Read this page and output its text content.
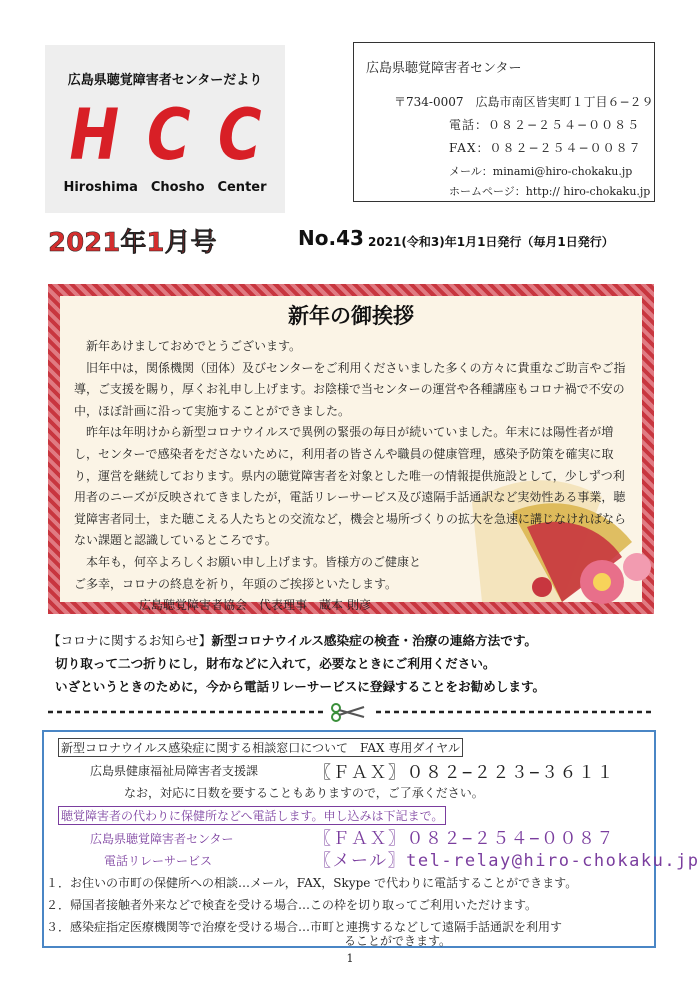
広島県聴覚障害者センターだより
H C C
Hiroshima Chosho Center
広島県聴覚障害者センター
〒734-0007　広島市南区皆実町１丁目６−２９
電話：０８２−２５４−００８５
FAX：０８２−２５４−００８７
メール：minami@hiro-chokaku.jp
ホームページ：http:// hiro-chokaku.jp
2021年1月号	No.43 2021(令和3)年1月1日発行（毎月1日発行）
新年の御挨拶

　新年あけましておめでとうございます。

　旧年中は，関係機関（団体）及びセンターをご利用くださいました多くの方々に貴重なご助言やご指導，ご支援を賜り，厚くお礼申し上げます。お陰様で当センターの運営や各種講座もコロナ禍で不安の中，ほぼ計画に沿って実施することができました。

　昨年は年明けから新型コロナウイルスで異例の緊張の毎日が続いていました。年末には陽性者が増し，センターで感染者をださないために，利用者の皆さんや職員の健康管理，感染予防策を確実に取り，運営を継続しております。県内の聴覚障害者を対象とした唯一の情報提供施設として，少しずつ利用者のニーズが反映されてきましたが，電話リレーサービス及び遠隔手話通訳など実効性ある事業，聴覚障害者同士，また聴こえる人たちとの交流など，機会と場所づくりの拡大を急速に講じなければならない課題と認識しているところです。

　本年も，何卒よろしくお願い申し上げます。皆様方のご健康と

ご多幸，コロナの終息を祈り，年頭のご挨拶といたします。

広島聴覚障害者協会　代表理事　蔵本 則彦

【コロナに関するお知らせ】新型コロナウイルス感染症の検査・治療の連絡方法です。
切り取って二つ折りにし，財布などに入れて，必要なときにご利用ください。
いざというときのために，今から電話リレーサービスに登録することをお勧めします。
新型コロナウイルス感染症に関する相談窓口について　FAX 専用ダイヤル
広島県健康福祉局障害者支援課	〖ＦＡＸ〗０８２−２２３−３６１１
なお，対応に日数を要することもありますので，ご了承ください。
聴覚障害者の代わりに保健所などへ電話します。申し込みは下記まで。
広島県聴覚障害者センター	〖ＦＡＸ〗０８２−２５４−００８７
電話リレーサービス	〖メール〗tel-relay@hiro-chokaku.jp
１．お住いの市町の保健所への相談…メール，FAX，Skype で代わりに電話することができます。
２．帰国者接触者外来などで検査を受ける場合…この枠を切り取ってご利用いただけます。
３．感染症指定医療機関等で治療を受ける場合…市町と連携するなどして遠隔手話通訳を利用す
ることができます。
1
